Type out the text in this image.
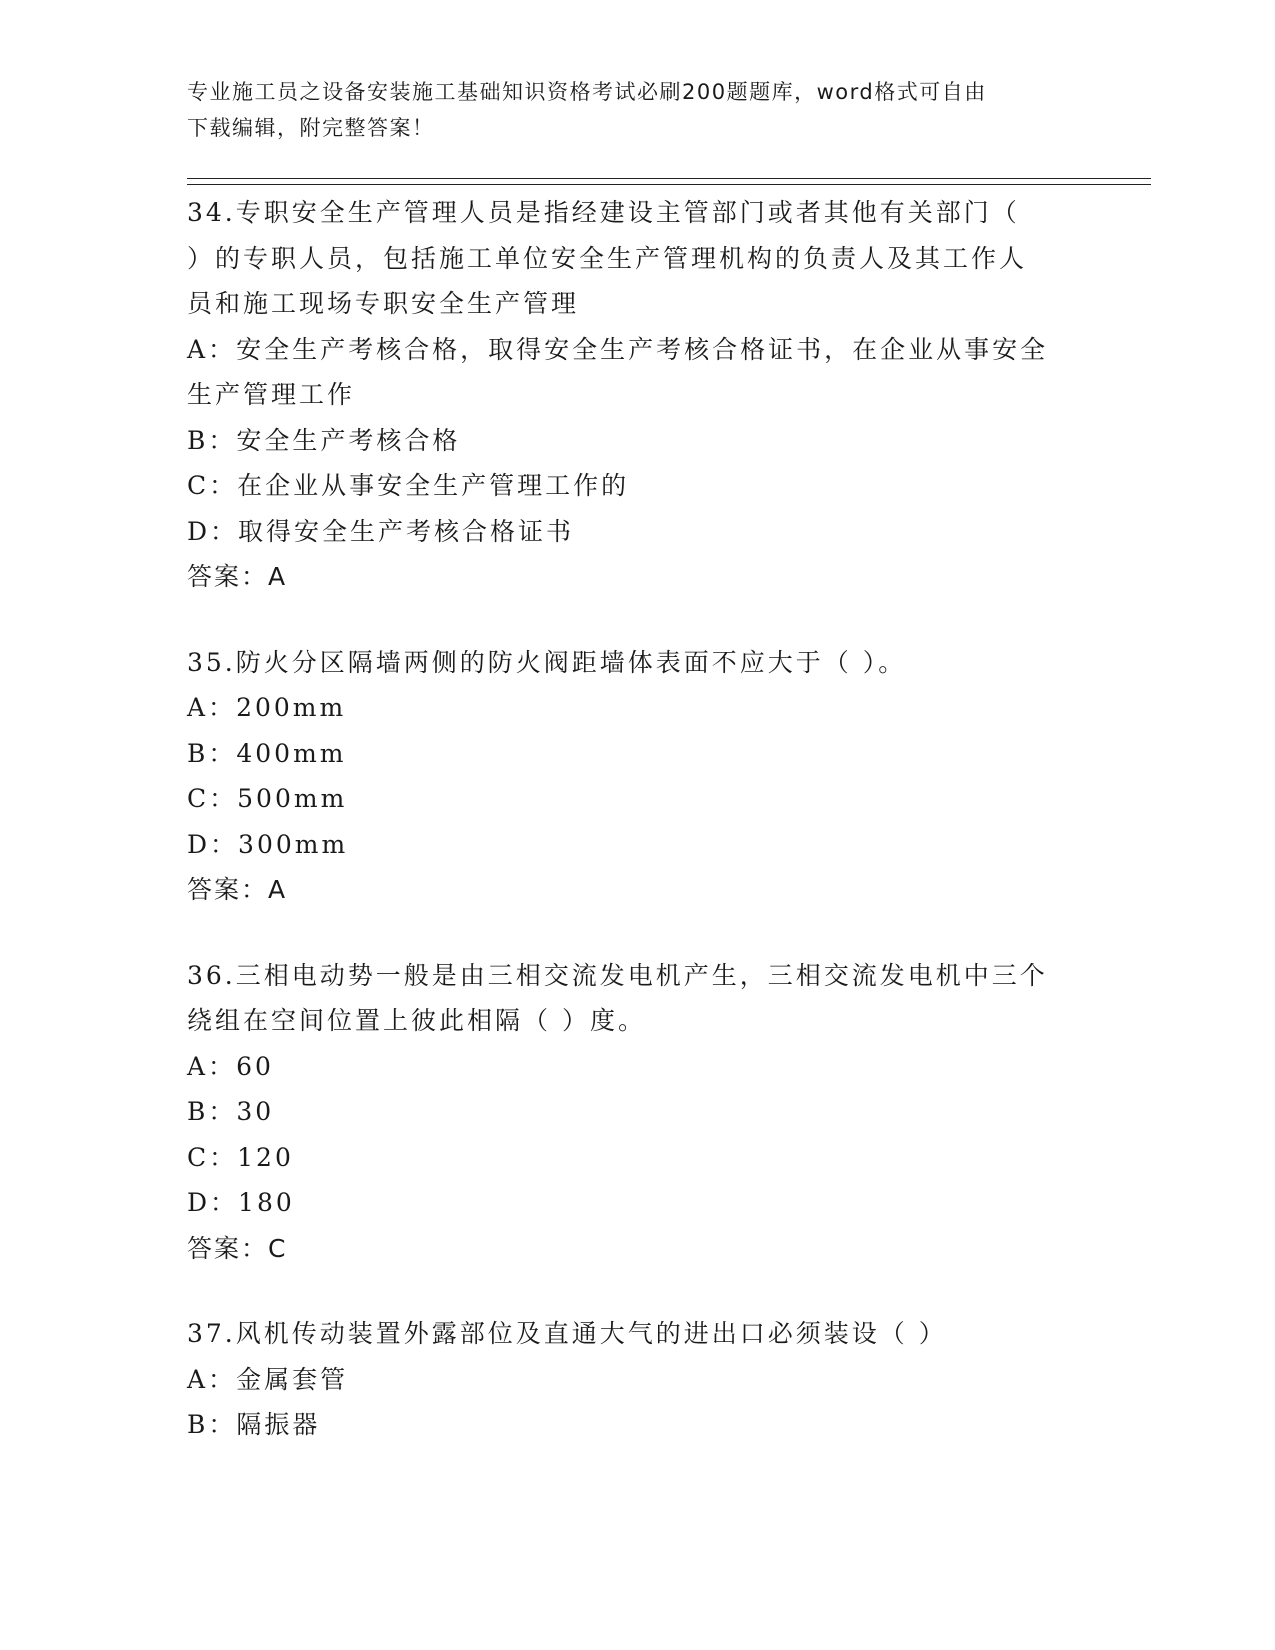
专业施工员之设备安装施工基础知识资格考试必刷200题题库，word格式可自由
下载编辑，附完整答案！
34.专职安全生产管理人员是指经建设主管部门或者其他有关部门（
）的专职人员，包括施工单位安全生产管理机构的负责人及其工作人
员和施工现场专职安全生产管理
A：安全生产考核合格，取得安全生产考核合格证书，在企业从事安全
生产管理工作
B：安全生产考核合格
C：在企业从事安全生产管理工作的
D：取得安全生产考核合格证书
答案：A
35.防火分区隔墙两侧的防火阀距墙体表面不应大于（ ）。
A：200mm
B：400mm
C：500mm
D：300mm
答案：A
36.三相电动势一般是由三相交流发电机产生，三相交流发电机中三个
绕组在空间位置上彼此相隔（ ）度。
A：60
B：30
C：120
D：180
答案：C
37.风机传动装置外露部位及直通大气的进出口必须装设（ ）
A：金属套管
B：隔振器
